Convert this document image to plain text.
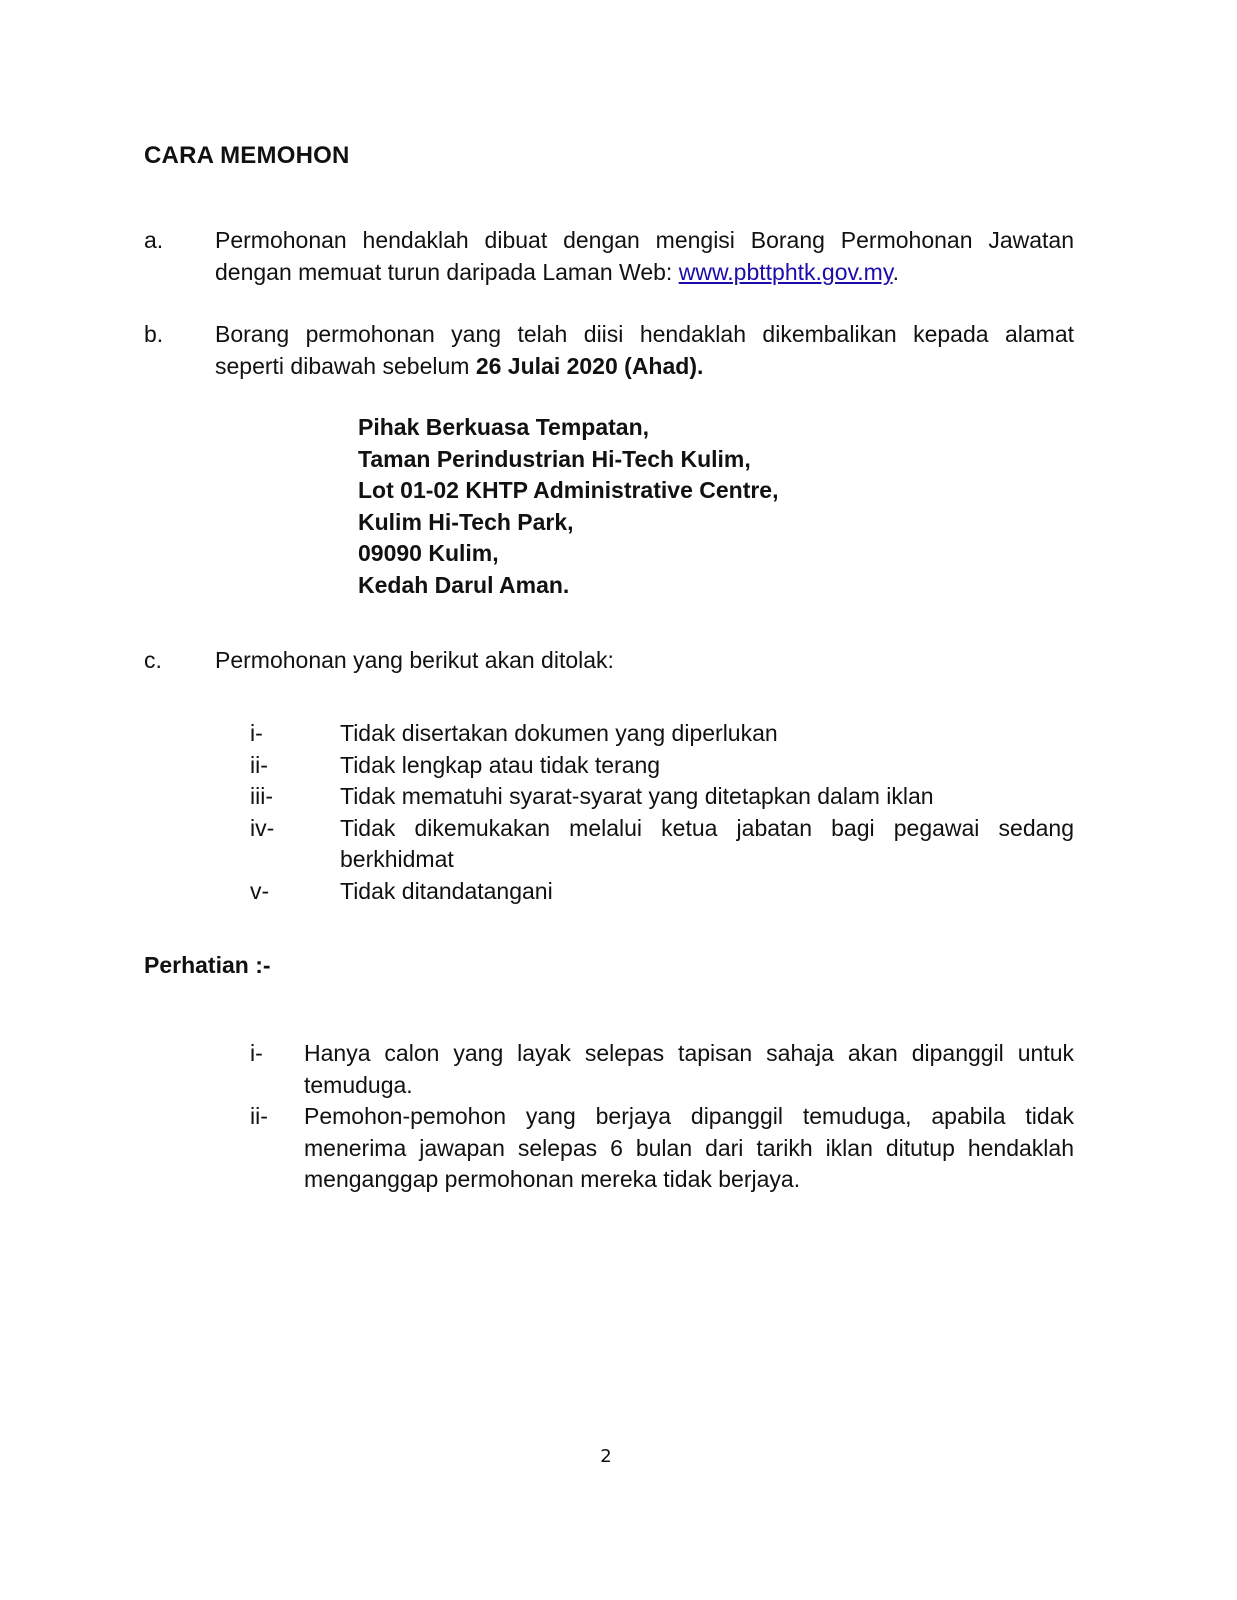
CARA MEMOHON
a. Permohonan hendaklah dibuat dengan mengisi Borang Permohonan Jawatan
dengan memuat turun daripada Laman Web: www.pbttphtk.gov.my.
b. Borang permohonan yang telah diisi hendaklah dikembalikan kepada alamat
seperti dibawah sebelum 26 Julai 2020 (Ahad).
Pihak Berkuasa Tempatan,
Taman Perindustrian Hi-Tech Kulim,
Lot 01-02 KHTP Administrative Centre,
Kulim Hi-Tech Park,
09090 Kulim,
Kedah Darul Aman.
c. Permohonan yang berikut akan ditolak:
i-	Tidak disertakan dokumen yang diperlukan
ii-	Tidak lengkap atau tidak terang
iii-	Tidak mematuhi syarat-syarat yang ditetapkan dalam iklan
iv-	Tidak dikemukakan melalui ketua jabatan bagi pegawai sedang
berkhidmat
v-	Tidak ditandatangani
Perhatian :-
i- Hanya calon yang layak selepas tapisan sahaja akan dipanggil untuk
temuduga.
ii- Pemohon-pemohon yang berjaya dipanggil temuduga, apabila tidak
menerima jawapan selepas 6 bulan dari tarikh iklan ditutup hendaklah
menganggap permohonan mereka tidak berjaya.
2
